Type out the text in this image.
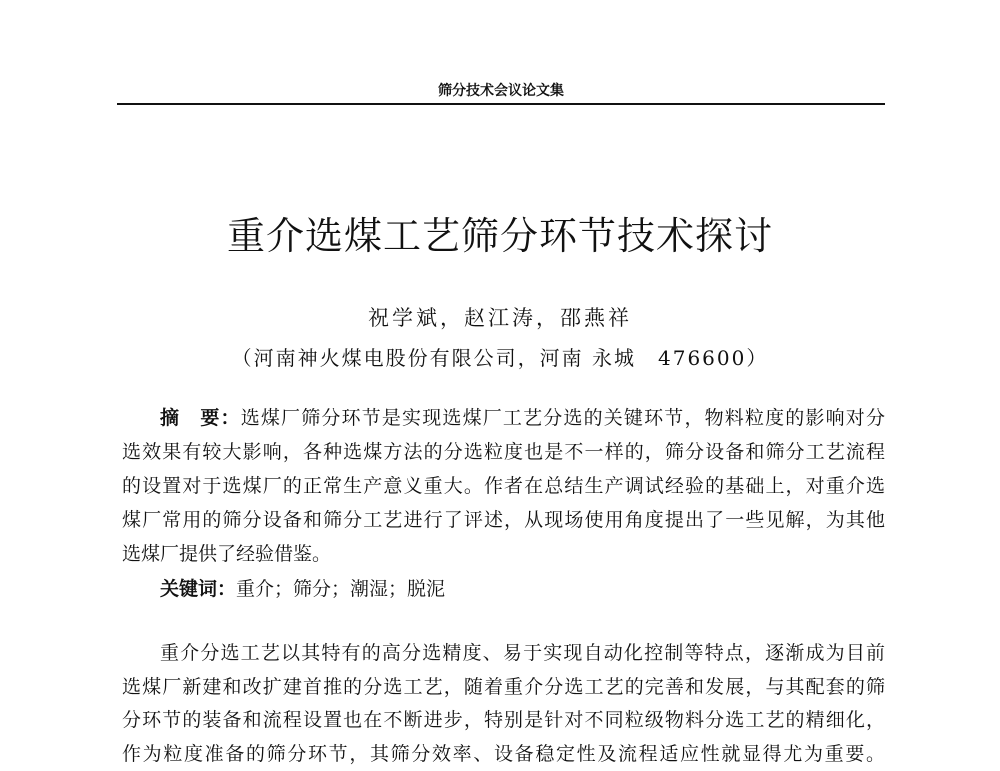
筛分技术会议论文集
重介选煤工艺筛分环节技术探讨
祝学斌，赵江涛，邵燕祥
（河南神火煤电股份有限公司，河南 永城　476600）
摘　要：选煤厂筛分环节是实现选煤厂工艺分选的关键环节，物料粒度的影响对分
选效果有较大影响，各种选煤方法的分选粒度也是不一样的，筛分设备和筛分工艺流程
的设置对于选煤厂的正常生产意义重大。作者在总结生产调试经验的基础上，对重介选
煤厂常用的筛分设备和筛分工艺进行了评述，从现场使用角度提出了一些见解，为其他
选煤厂提供了经验借鉴。
关键词：重介；筛分；潮湿；脱泥
重介分选工艺以其特有的高分选精度、易于实现自动化控制等特点，逐渐成为目前
选煤厂新建和改扩建首推的分选工艺，随着重介分选工艺的完善和发展，与其配套的筛
分环节的装备和流程设置也在不断进步，特别是针对不同粒级物料分选工艺的精细化，
作为粒度准备的筛分环节，其筛分效率、设备稳定性及流程适应性就显得尤为重要。
